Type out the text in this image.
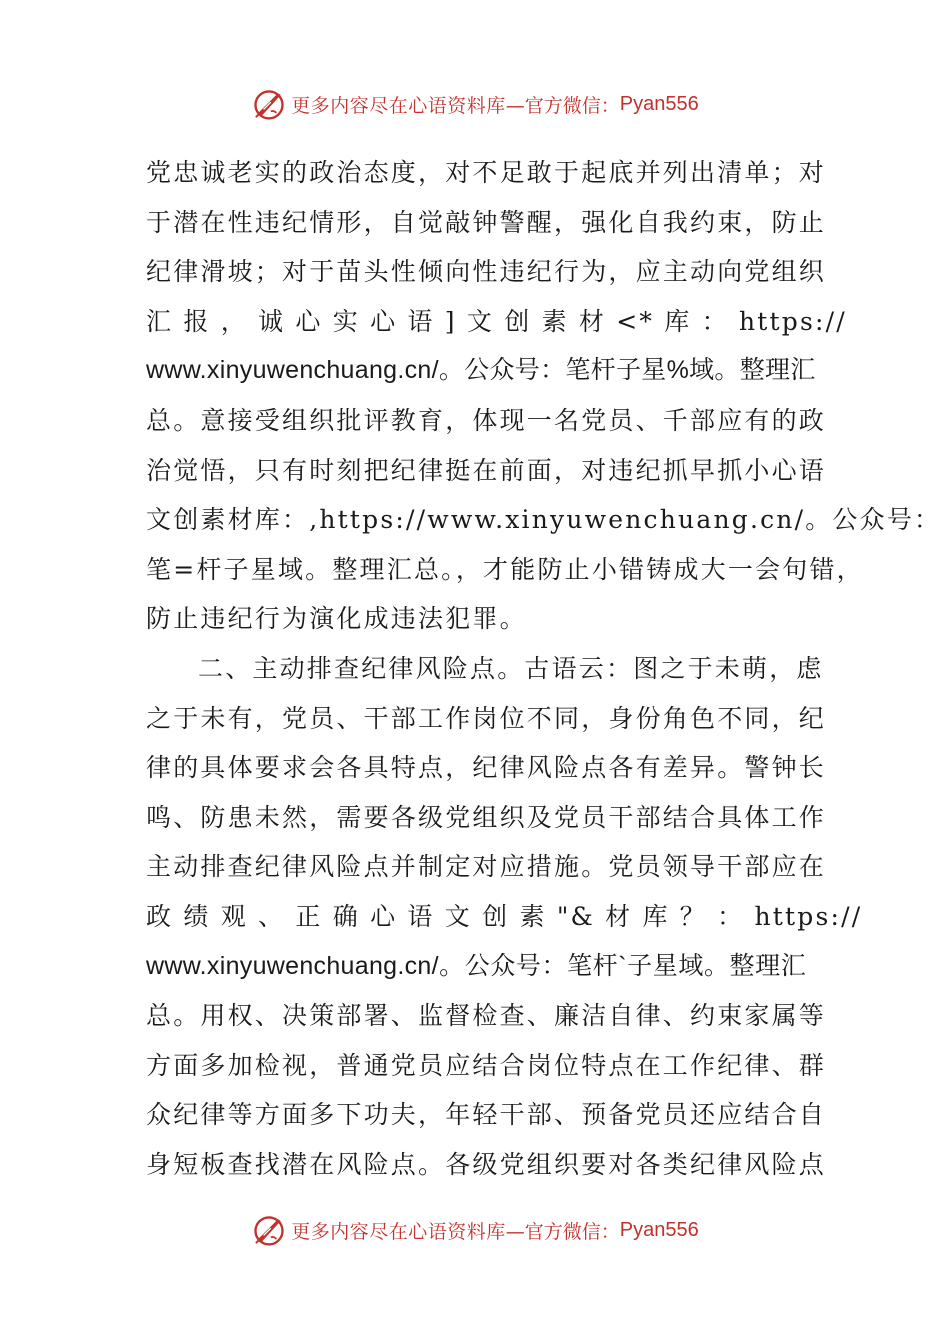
更多内容尽在心语资料库 —官方微信： Pyan556
党忠诚老实的政治态度，对不足敢于起底并列出清单；对
于潜在性违纪情形，自觉敲钟警醒，强化自我约束，防止
纪律滑坡；对于苗头性倾向性违纪行为，应主动向党组织
汇 报 ， 诚 心 实 心 语 ] 文 创 素 材 <* 库 ： https://
www.xinyuwenchuang.cn/。公众号：笔杆子星%域。整理汇
总。意接受组织批评教育，体现一名党员、千部应有的政
治觉悟，只有时刻把纪律挺在前面，对违纪抓早抓小心语
文创素材库：,https://www.xinyuwenchuang.cn/。公众号：
笔=杆子星域。整理汇总。，才能防止小错铸成大一会句错，
防止违纪行为演化成违法犯罪。
二、主动排查纪律风险点。古语云：图之于未萌，虑
之于未有，党员、干部工作岗位不同，身份角色不同，纪
律的具体要求会各具特点，纪律风险点各有差异。警钟长
鸣、防患未然，需要各级党组织及党员干部结合具体工作
主动排查纪律风险点并制定对应措施。党员领导干部应在
政 绩 观 、 正 确 心 语 文 创 素 "& 材 库 ？ ： https://
www.xinyuwenchuang.cn/。公众号：笔杆`子星域。整理汇
总。用权、决策部署、监督检查、廉洁自律、约束家属等
方面多加检视，普通党员应结合岗位特点在工作纪律、群
众纪律等方面多下功夫，年轻干部、预备党员还应结合自
身短板查找潜在风险点。各级党组织要对各类纪律风险点
更多内容尽在心语资料库 —官方微信： Pyan556
